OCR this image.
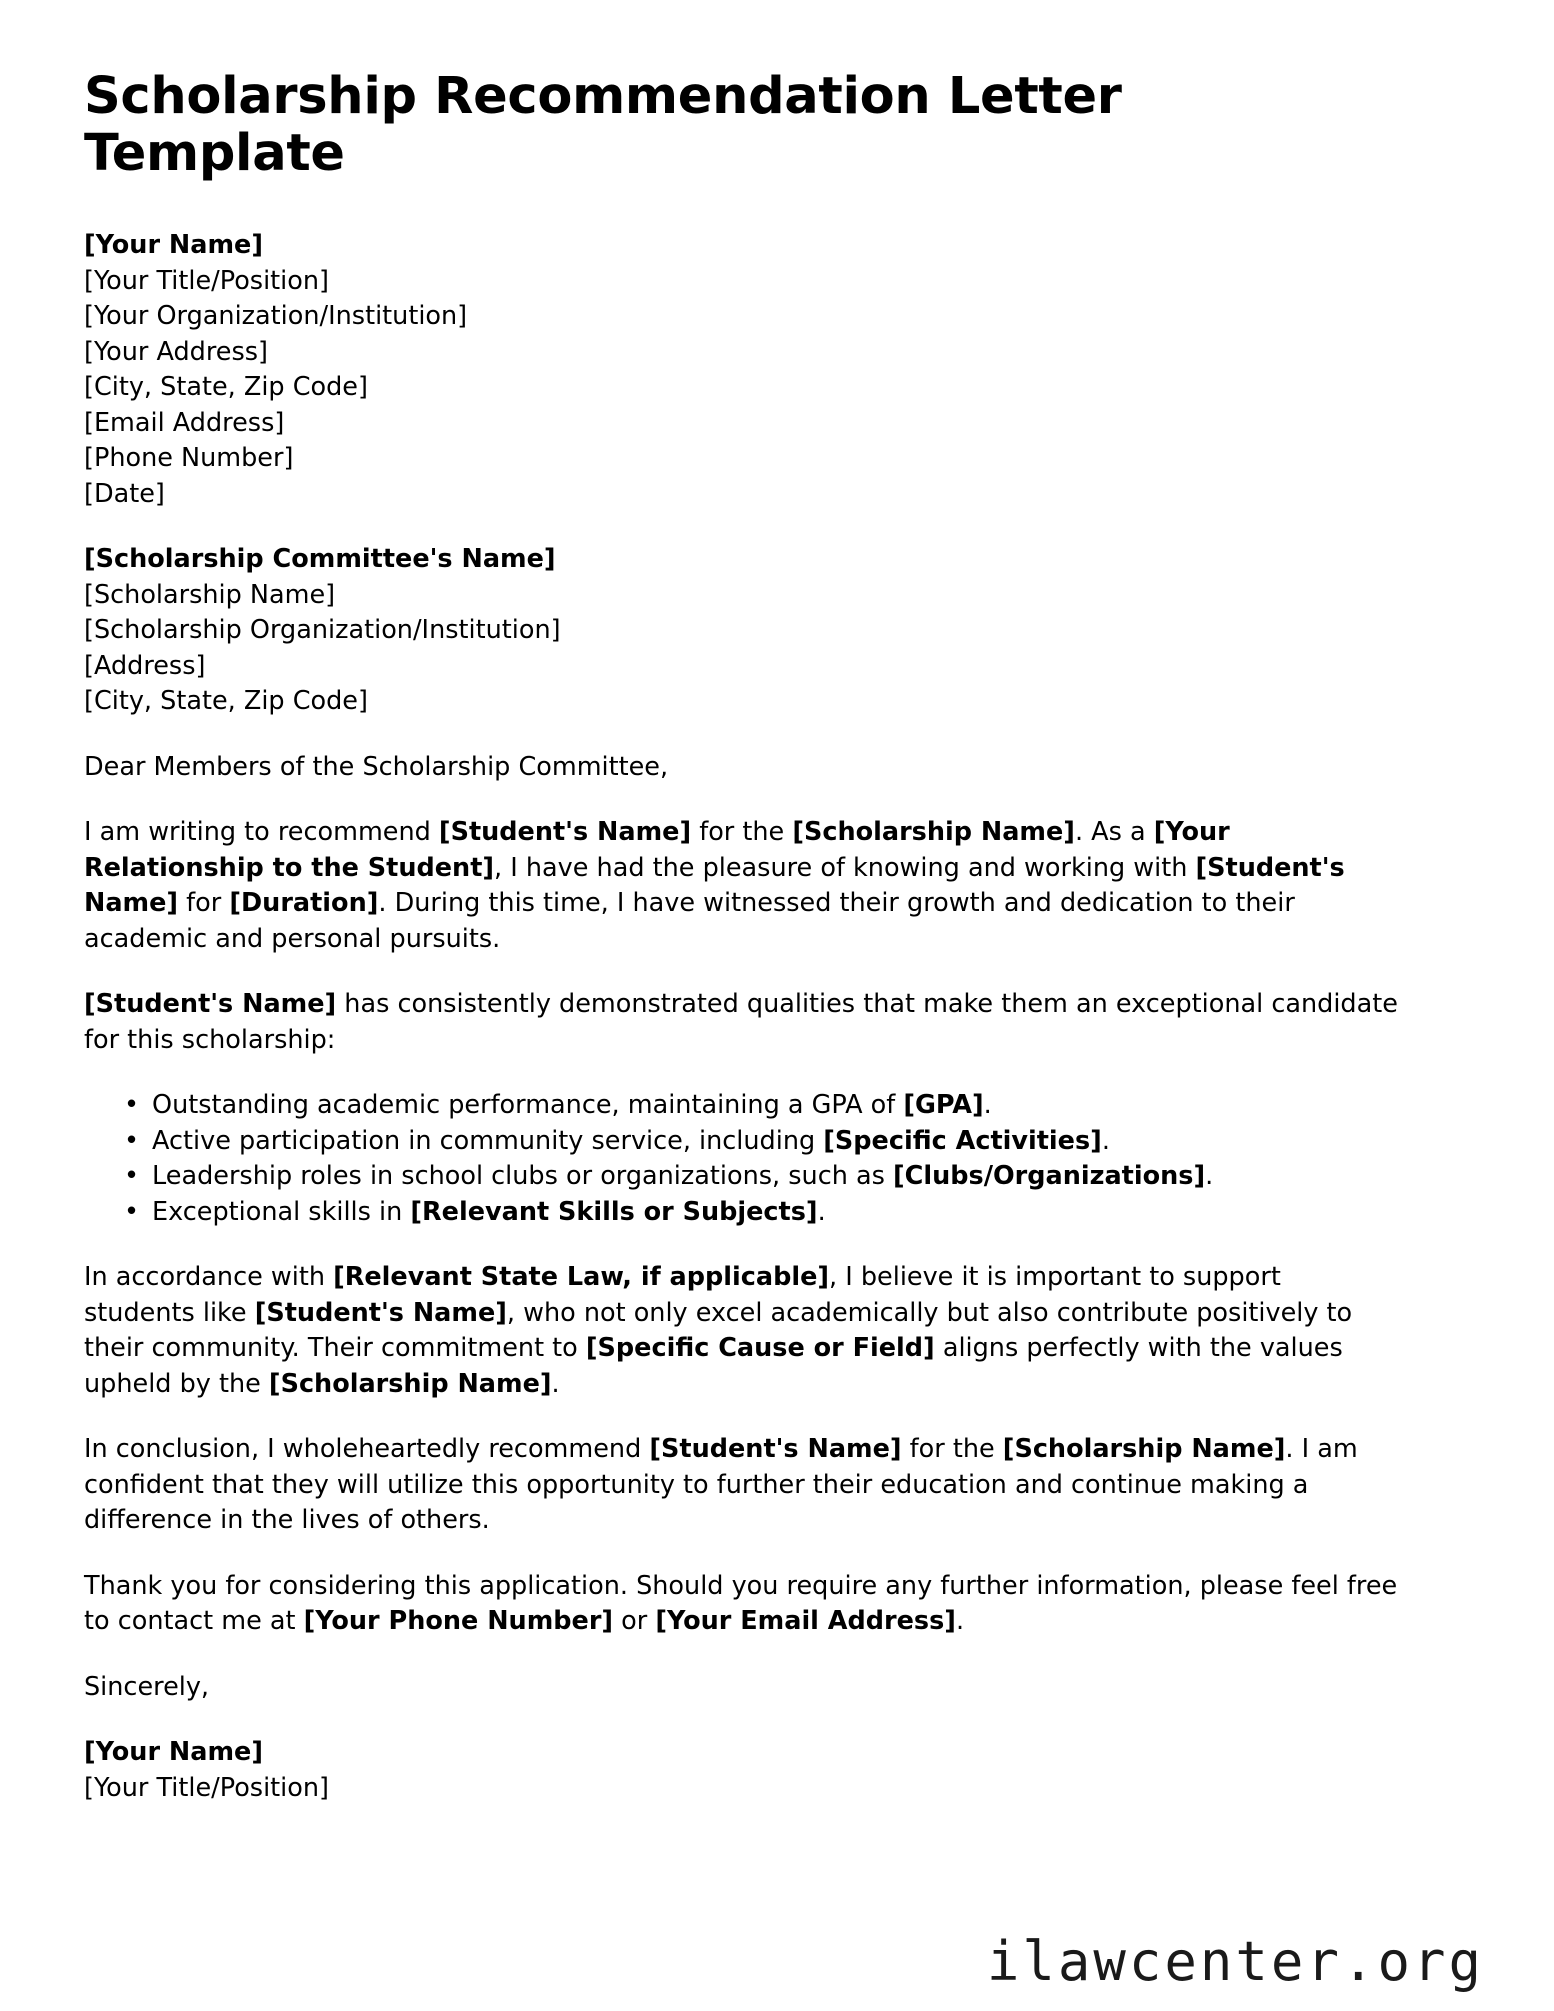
Scholarship Recommendation Letter Template
[Your Name]
[Your Title/Position]
[Your Organization/Institution]
[Your Address]
[City, State, Zip Code]
[Email Address]
[Phone Number]
[Date]
[Scholarship Committee's Name]
[Scholarship Name]
[Scholarship Organization/Institution]
[Address]
[City, State, Zip Code]

Dear Members of the Scholarship Committee,

I am writing to recommend [Student's Name] for the [Scholarship Name]. As a [Your Relationship to the Student], I have had the pleasure of knowing and working with [Student's Name] for [Duration]. During this time, I have witnessed their growth and dedication to their academic and personal pursuits.

[Student's Name] has consistently demonstrated qualities that make them an exceptional candidate for this scholarship:

• Outstanding academic performance, maintaining a GPA of [GPA].
• Active participation in community service, including [Specific Activities].
• Leadership roles in school clubs or organizations, such as [Clubs/Organizations].
• Exceptional skills in [Relevant Skills or Subjects].

In accordance with [Relevant State Law, if applicable], I believe it is important to support students like [Student's Name], who not only excel academically but also contribute positively to their community. Their commitment to [Specific Cause or Field] aligns perfectly with the values upheld by the [Scholarship Name].

In conclusion, I wholeheartedly recommend [Student's Name] for the [Scholarship Name]. I am confident that they will utilize this opportunity to further their education and continue making a difference in the lives of others.

Thank you for considering this application. Should you require any further information, please feel free to contact me at [Your Phone Number] or [Your Email Address].

Sincerely,

[Your Name]
[Your Title/Position]
ilawcenter.org
